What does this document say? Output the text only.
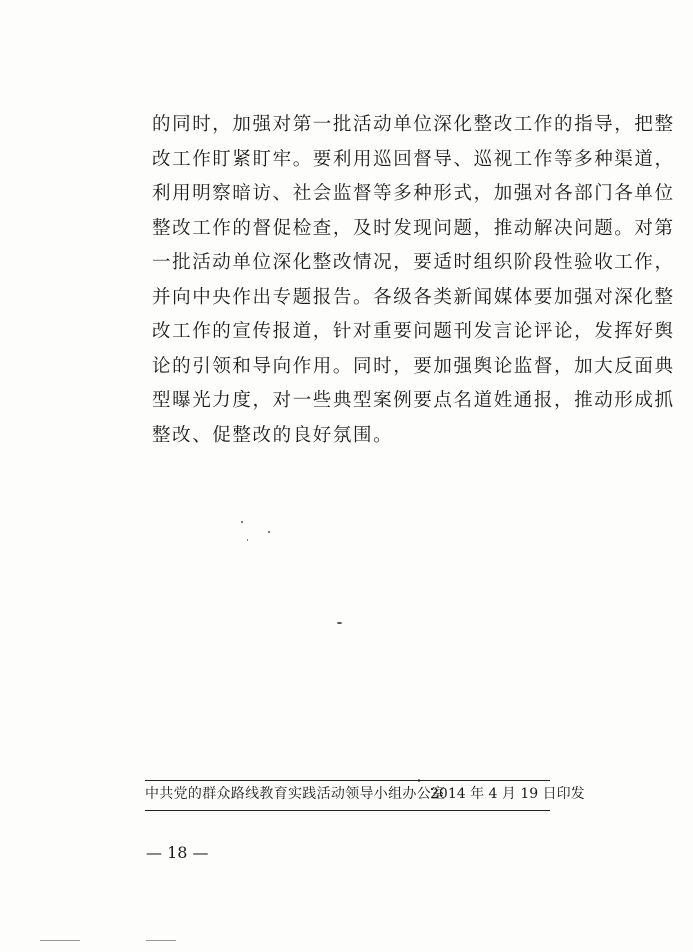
的同时，加强对第一批活动单位深化整改工作的指导，把整
改工作盯紧盯牢。要利用巡回督导、巡视工作等多种渠道，
利用明察暗访、社会监督等多种形式，加强对各部门各单位
整改工作的督促检查，及时发现问题，推动解决问题。对第
一批活动单位深化整改情况，要适时组织阶段性验收工作，
并向中央作出专题报告。各级各类新闻媒体要加强对深化整
改工作的宣传报道，针对重要问题刊发言论评论，发挥好舆
论的引领和导向作用。同时，要加强舆论监督，加大反面典
型曝光力度，对一些典型案例要点名道姓通报，推动形成抓
整改、促整改的良好氛围。
中共党的群众路线教育实践活动领导小组办公室
2014 年 4 月 19 日印发
— 18 —
